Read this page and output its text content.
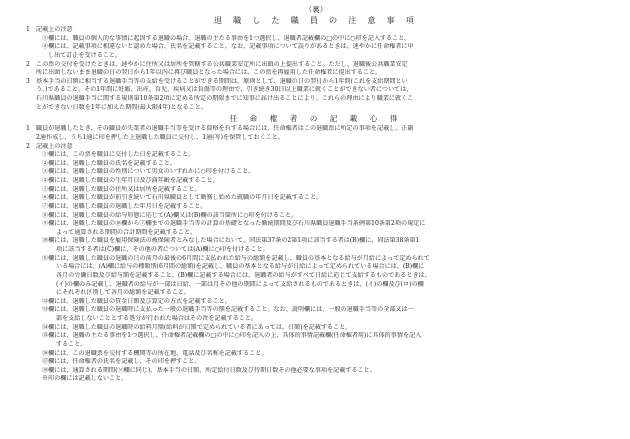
（裏）

退 職 し た 職 員 の 注 意 事 項

1　記載上の注意

①欄には、職員の個人的な事情に起因する退職の場合、退職の主たる事由を1つ選択し、退職者記載欄の□の中に○印を記入すること。

②欄には、記載事項に相違ないと認めた場合、氏名を記載すること。なお、記載事項について誤りがあるときは、速やかに任命権者に申

し出て訂正を受けること。

2　この票の交付を受けたときは、速やかに住所又は居所を管轄する公共職業安定所に出頭の上提出すること。ただし、退職後公共職業安定

所に出頭しないまま退職の日の翌日から1年以内に再び職員となった場合には、この票を再雇用した任命権者に提出すること。

3　基本手当の日額に相当する退職手当等の支給を受けることができる期間は、原則として、退職の日の翌日から1年間(これを支給期間とい

う。)であること。その1年間に妊娠、出産、育児、疾病又は負傷等の理由で、引き続き30日以上職業に就くことができない者については、

石川県職員の退職手当に関する規則第10条第2項に定める所定の期限までに知事に届け出ることにより、これらの理由により職業に就くこ

とができない日数を1年に加えた期間(最大限4年)となること。

任 命 権 者 の 記 載 心 得

1　職員が退職したとき、その職員が失業者の退職手当等を受ける資格を有する場合には、任命権者はこの退職票に所定の事項を記載し、正副

2通作成し、うち1通に印を押した上退職した職員に交付し、1通(写)を保管しておくこと。

2　記載上の注意

①欄には、この票を職員に交付した日を記載すること。

②欄には、退職した職員の氏名を記載すること。

③欄には、退職した職員の性別について男女のいずれかに○印を付けること。

④欄には、退職した職員の生年月日及び満年齢を記載すること。

⑤欄には、退職した職員の住所又は居所を記載すること。

⑥欄には、退職した職員が前引き続いて石川県職員として勤務し始めた就職の年月日を記載すること。

⑦欄には、退職した職員の退職した年月日を記載すること。

⑧欄には、退職した職員の給与形態に応じて(A)欄又は(B)欄の該当箇所に○印を付けること。

⑨欄には、退職した職員の⑩欄から⑦欄までの退職手当等の計算の基礎となった勤続期間及び石川県職員退職手当条例第10条第2項の規定に

よって通算される期間の合計期間を記載すること。

⑩欄には、退職した職員を雇用保険法の被保険者とみなした場合において、同法第37条の2第1項に該当する者は(B)欄に、同法第38条第1

項に該当する者は(C)欄に、その他の者については(A)欄に○印を付けること。

⑪欄には、退職した職員の退職の日の前月の最後の6月間に支払われた給与の総額を記載し、職員の基本となる給与が月給によって定められて

いる場合には、(A)欄に給与の種類別(6月間の総額)を記載し、職員の基本となる給与が日給によって定められている場合には、(B)欄に

各月の労働日数及び給与額を記載すること。(B)欄に記載する場合には、退職者の給与がすべて日給に応じて支給するものであるときは、

(イ)の欄のみ記載し、退職者の給与が一部は日給、一部は月その他の期間によって支給されるものであるときは、(イ)の欄及び(ロ)の欄

にそれぞれ区別して各月の総額を記載すること。

⑫欄には、退職した職員の賃金日額及び算定の方式を記載すること。

⑬欄には、退職した職員の退職時に支払った一般の退職手当等の額を記載すること。なお、説明欄には、一般の退職手当等の全部又は一

部を支給しないこととする処分が行われた場合はその旨を記載すること。

⑭欄には、退職した職員の退職時の給料月額(給料が日額で定められている者にあっては、日額)を記載すること。

⑮欄には、退職の主たる事由を1つ選択し、任命権者記載欄の□の中に○印を記入の上、具体的事情記載欄(任命権者用)に具体的事情を記入

すること。

⑯欄には、この退職票を交付する機関等の所在地、電話及び名称を記載すること。

⑰欄には、任命権者の氏名を記載し、その印を押すこと。

⑱欄には、通算される期間(⑨欄に同じ)、基本手当の日額、所定給付日数及び待期日数その他必要な事項を記載すること。

※印の欄には記載しないこと。
